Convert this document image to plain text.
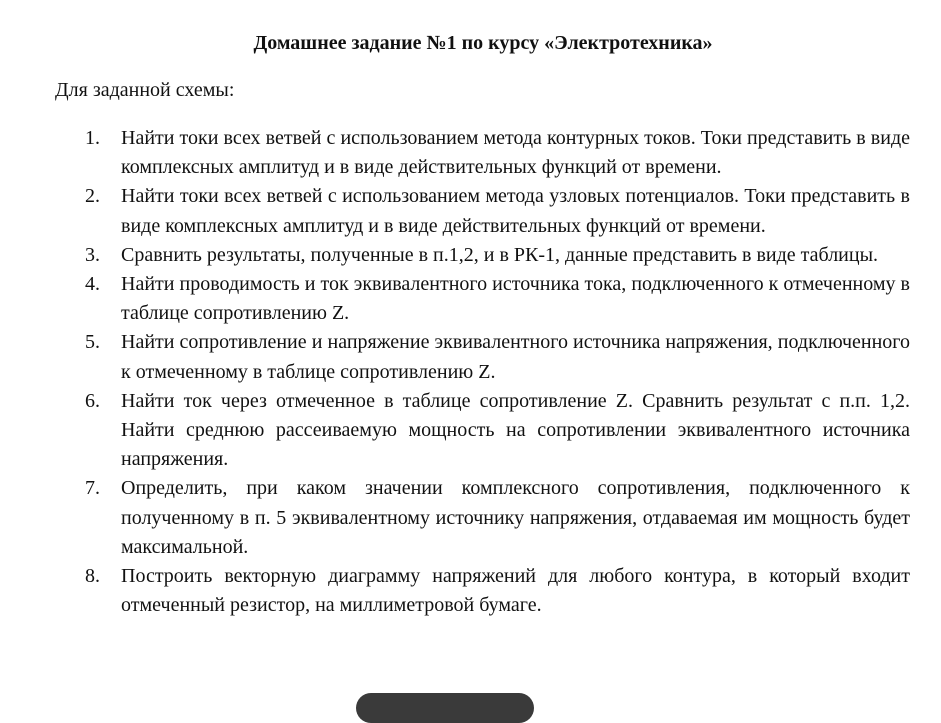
Домашнее задание №1 по курсу «Электротехника»
Для заданной схемы:
1. Найти токи всех ветвей с использованием метода контурных токов. Токи представить в виде комплексных амплитуд и в виде действительных функций от времени.
2. Найти токи всех ветвей с использованием метода узловых потенциалов. Токи представить в виде комплексных амплитуд и в виде действительных функций от времени.
3. Сравнить результаты, полученные в п.1,2, и в РК-1, данные представить в виде таблицы.
4. Найти проводимость и ток эквивалентного источника тока, подключенного к отмеченному в таблице сопротивлению Z.
5. Найти сопротивление и напряжение эквивалентного источника напряжения, подключенного к отмеченному в таблице сопротивлению Z.
6. Найти ток через отмеченное в таблице сопротивление Z. Сравнить результат с п.п. 1,2. Найти среднюю рассеиваемую мощность на сопротивлении эквивалентного источника напряжения.
7. Определить, при каком значении комплексного сопротивления, подключенного к полученному в п. 5 эквивалентному источнику напряжения, отдаваемая им мощность будет максимальной.
8. Построить векторную диаграмму напряжений для любого контура, в который входит отмеченный резистор, на миллиметровой бумаге.
